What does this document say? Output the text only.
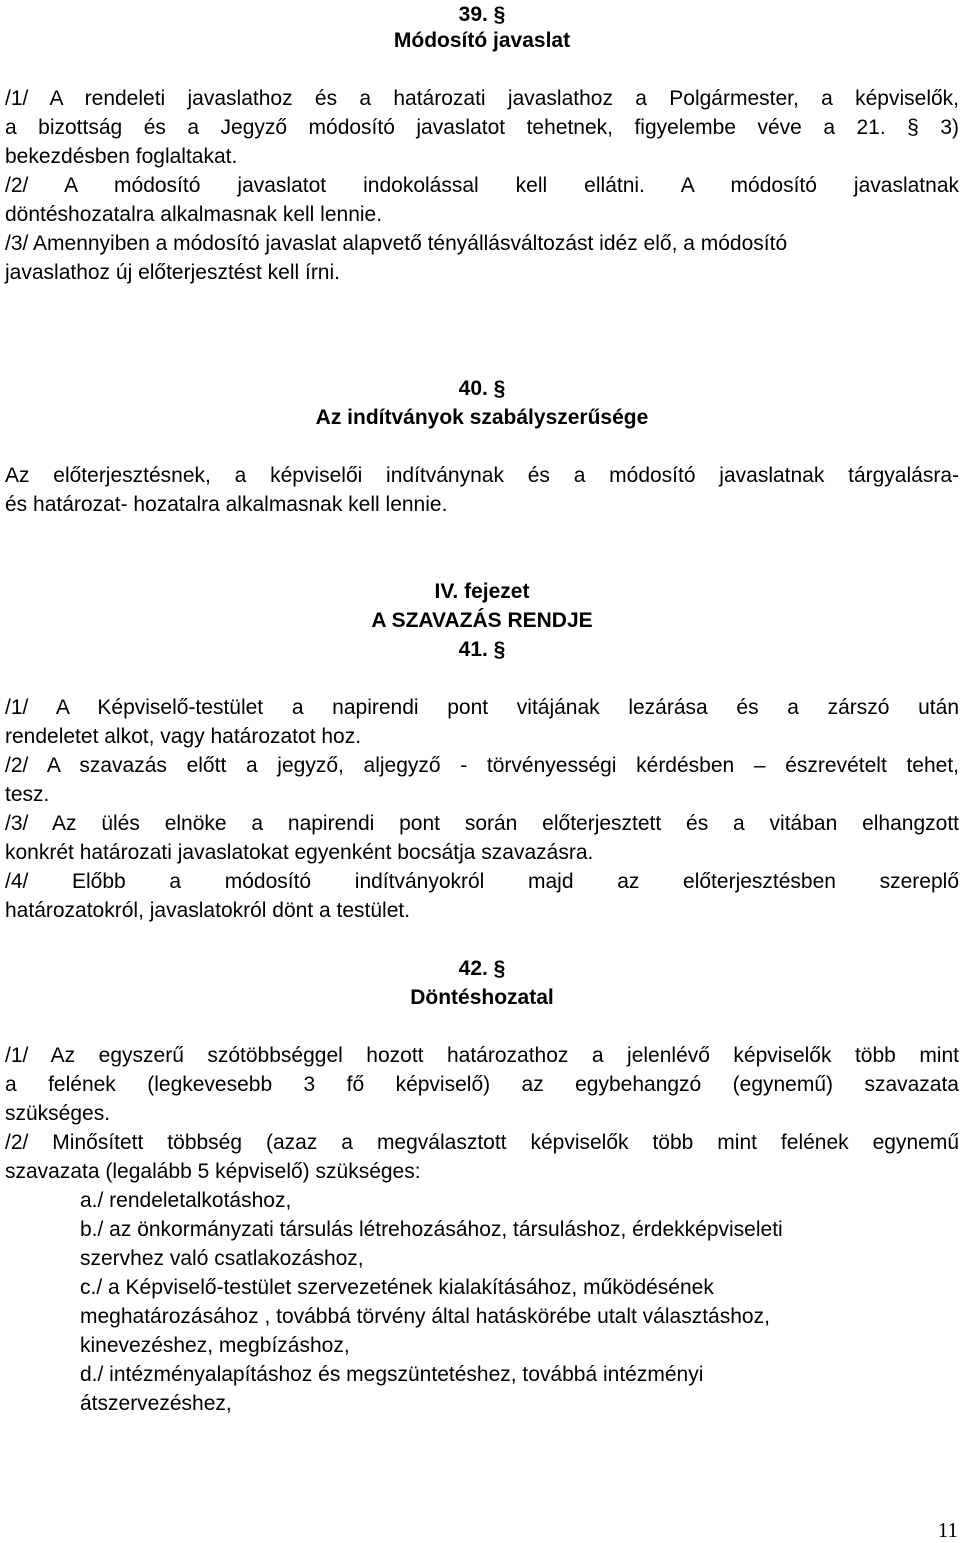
39. §
Módosító javaslat
/1/ A rendeleti javaslathoz és a határozati javaslathoz a Polgármester, a képviselők,
a bizottság és a Jegyző módosító javaslatot tehetnek, figyelembe véve a 21. § 3)
bekezdésben foglaltakat.
/2/ A módosító javaslatot indokolással kell ellátni. A módosító javaslatnak
döntéshozatalra alkalmasnak kell lennie.
/3/ Amennyiben a módosító javaslat alapvető tényállásváltozást idéz elő, a módosító
javaslathoz új előterjesztést kell írni.
40. §
Az indítványok szabályszerűsége
Az előterjesztésnek, a képviselői indítványnak és a módosító javaslatnak tárgyalásra-
és határozat- hozatalra alkalmasnak kell lennie.
IV. fejezet
A SZAVAZÁS RENDJE
41. §
/1/ A Képviselő-testület a napirendi pont vitájának lezárása és a zárszó után
rendeletet alkot, vagy határozatot hoz.
/2/ A szavazás előtt a jegyző, aljegyző - törvényességi kérdésben – észrevételt tehet,
tesz.
/3/ Az ülés elnöke a napirendi pont során előterjesztett és a vitában elhangzott
konkrét határozati javaslatokat egyenként bocsátja szavazásra.
/4/ Előbb a módosító indítványokról majd az előterjesztésben szereplő
határozatokról, javaslatokról dönt a testület.
42. §
Döntéshozatal
/1/ Az egyszerű szótöbbséggel hozott határozathoz a jelenlévő képviselők több mint
a felének (legkevesebb 3 fő képviselő) az egybehangzó (egynemű) szavazata
szükséges.
/2/ Minősített többség (azaz a megválasztott képviselők több mint felének egynemű
szavazata (legalább 5 képviselő) szükséges:
a./ rendeletalkotáshoz,
b./ az önkormányzati társulás létrehozásához, társuláshoz, érdekképviseleti
szervhez való csatlakozáshoz,
c./ a Képviselő-testület szervezetének kialakításához, működésének
meghatározásához , továbbá törvény által hatáskörébe utalt választáshoz,
kinevezéshez, megbízáshoz,
d./ intézményalapításhoz és megszüntetéshez, továbbá intézményi
átszervezéshez,
11
